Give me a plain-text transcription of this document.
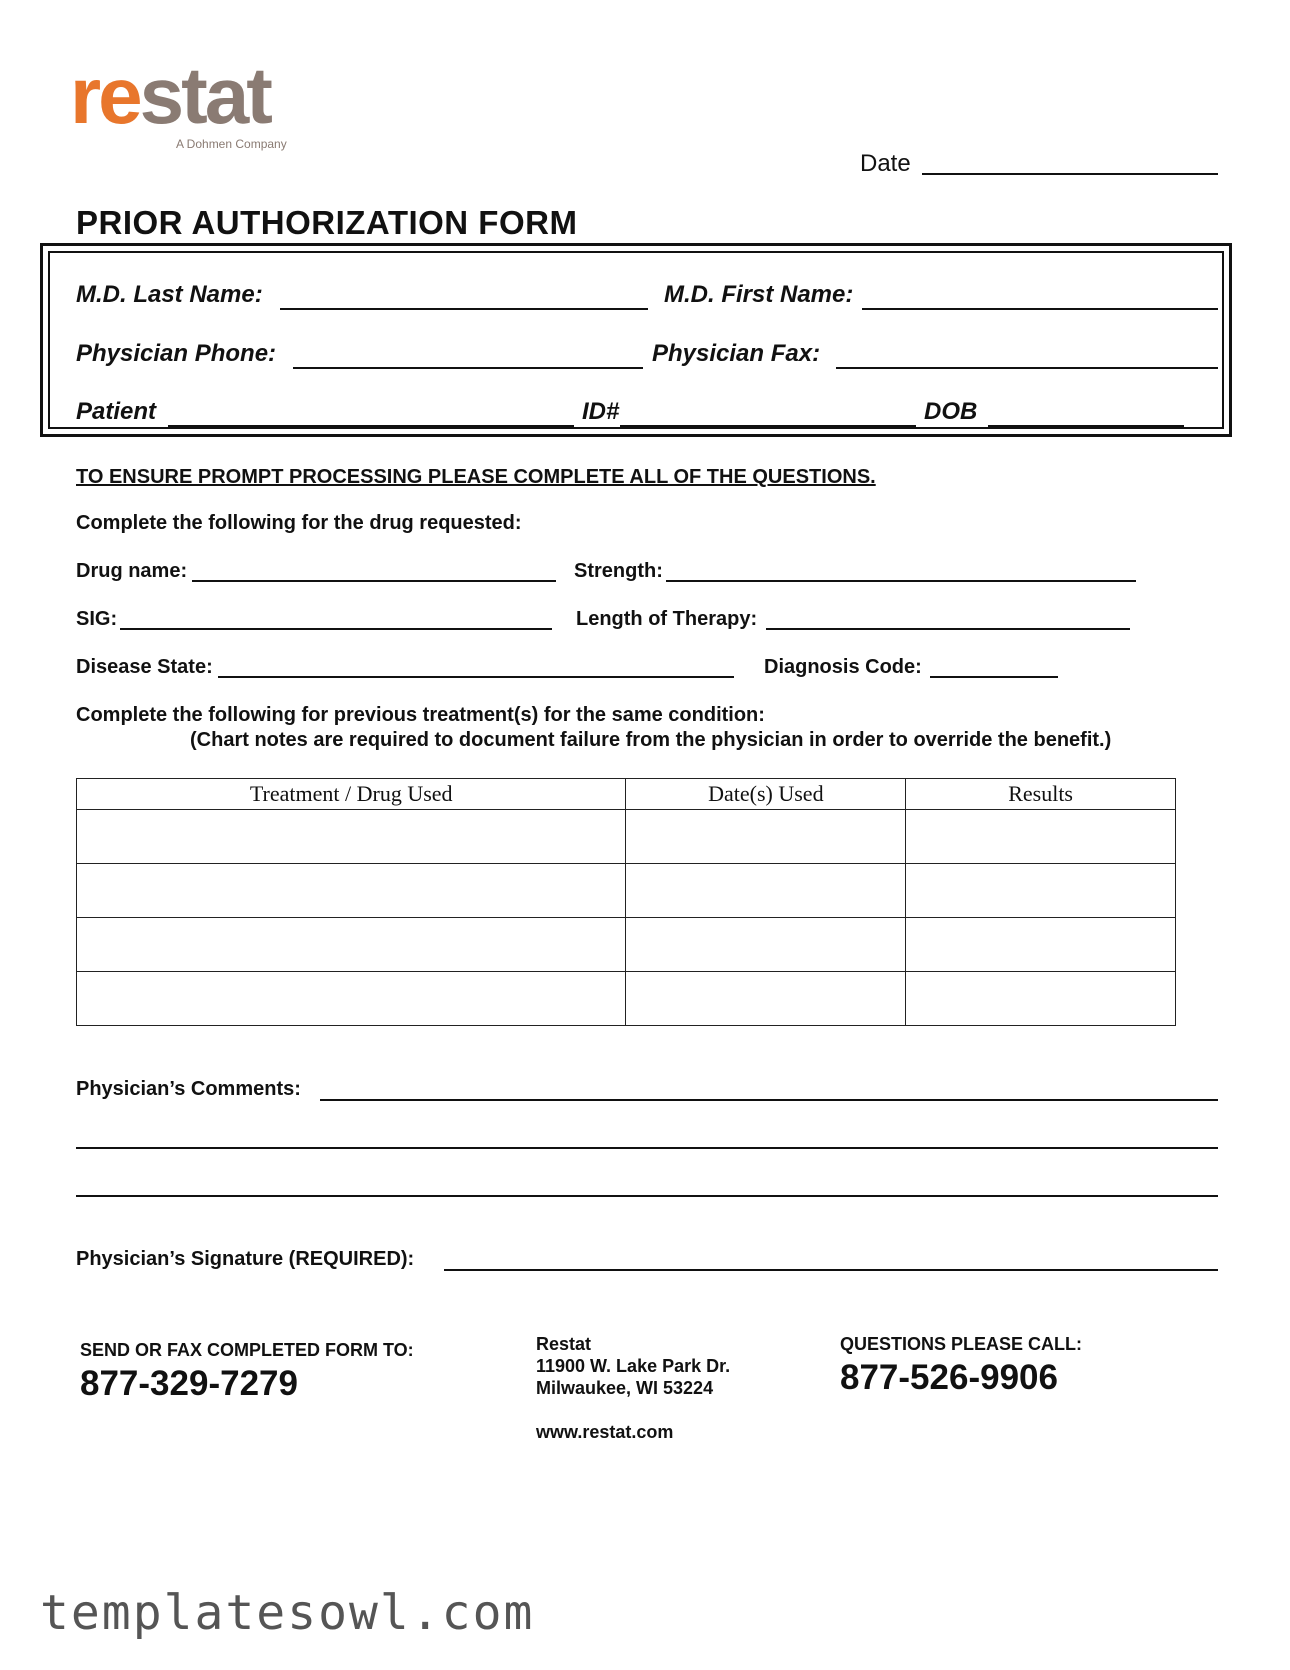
restat
A Dohmen Company
Date
PRIOR AUTHORIZATION FORM
M.D. Last Name:	M.D. First Name:
Physician Phone:	Physician Fax:
Patient	ID#	DOB
TO ENSURE PROMPT PROCESSING PLEASE COMPLETE ALL OF THE QUESTIONS.
Complete the following for the drug requested:
Drug name:	Strength:
SIG:	Length of Therapy:
Disease State:	Diagnosis Code:
Complete the following for previous treatment(s) for the same condition:
(Chart notes are required to document failure from the physician in order to override the benefit.)
Treatment / Drug Used	Date(s) Used	Results

Physician’s Comments:
Physician’s Signature (REQUIRED):
SEND OR FAX COMPLETED FORM TO:
877-329-7279
Restat
11900 W. Lake Park Dr.
Milwaukee, WI 53224
www.restat.com
QUESTIONS PLEASE CALL:
877-526-9906
templatesowl.com
